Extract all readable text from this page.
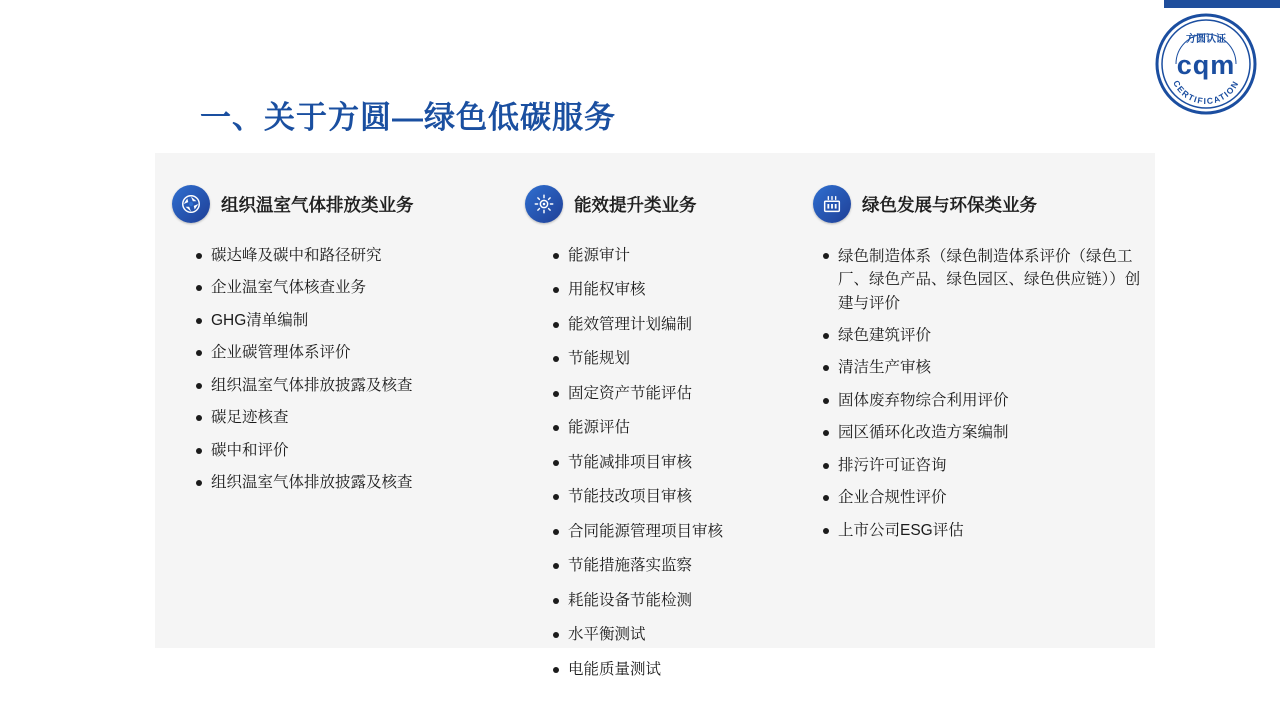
方圆认证
cqm
CERTIFICATION
一、关于方圆—绿色低碳服务
组织温室气体排放类业务
碳达峰及碳中和路径研究
企业温室气体核查业务
GHG清单编制
企业碳管理体系评价
组织温室气体排放披露及核查
碳足迹核查
碳中和评价
组织温室气体排放披露及核查
能效提升类业务
能源审计
用能权审核
能效管理计划编制
节能规划
固定资产节能评估
能源评估
节能减排项目审核
节能技改项目审核
合同能源管理项目审核
节能措施落实监察
耗能设备节能检测
水平衡测试
电能质量测试
绿色发展与环保类业务
绿色制造体系（绿色制造体系评价（绿色工厂、绿色产品、绿色园区、绿色供应链））创建与评价
绿色建筑评价
清洁生产审核
固体废弃物综合利用评价
园区循环化改造方案编制
排污许可证咨询
企业合规性评价
上市公司ESG评估
